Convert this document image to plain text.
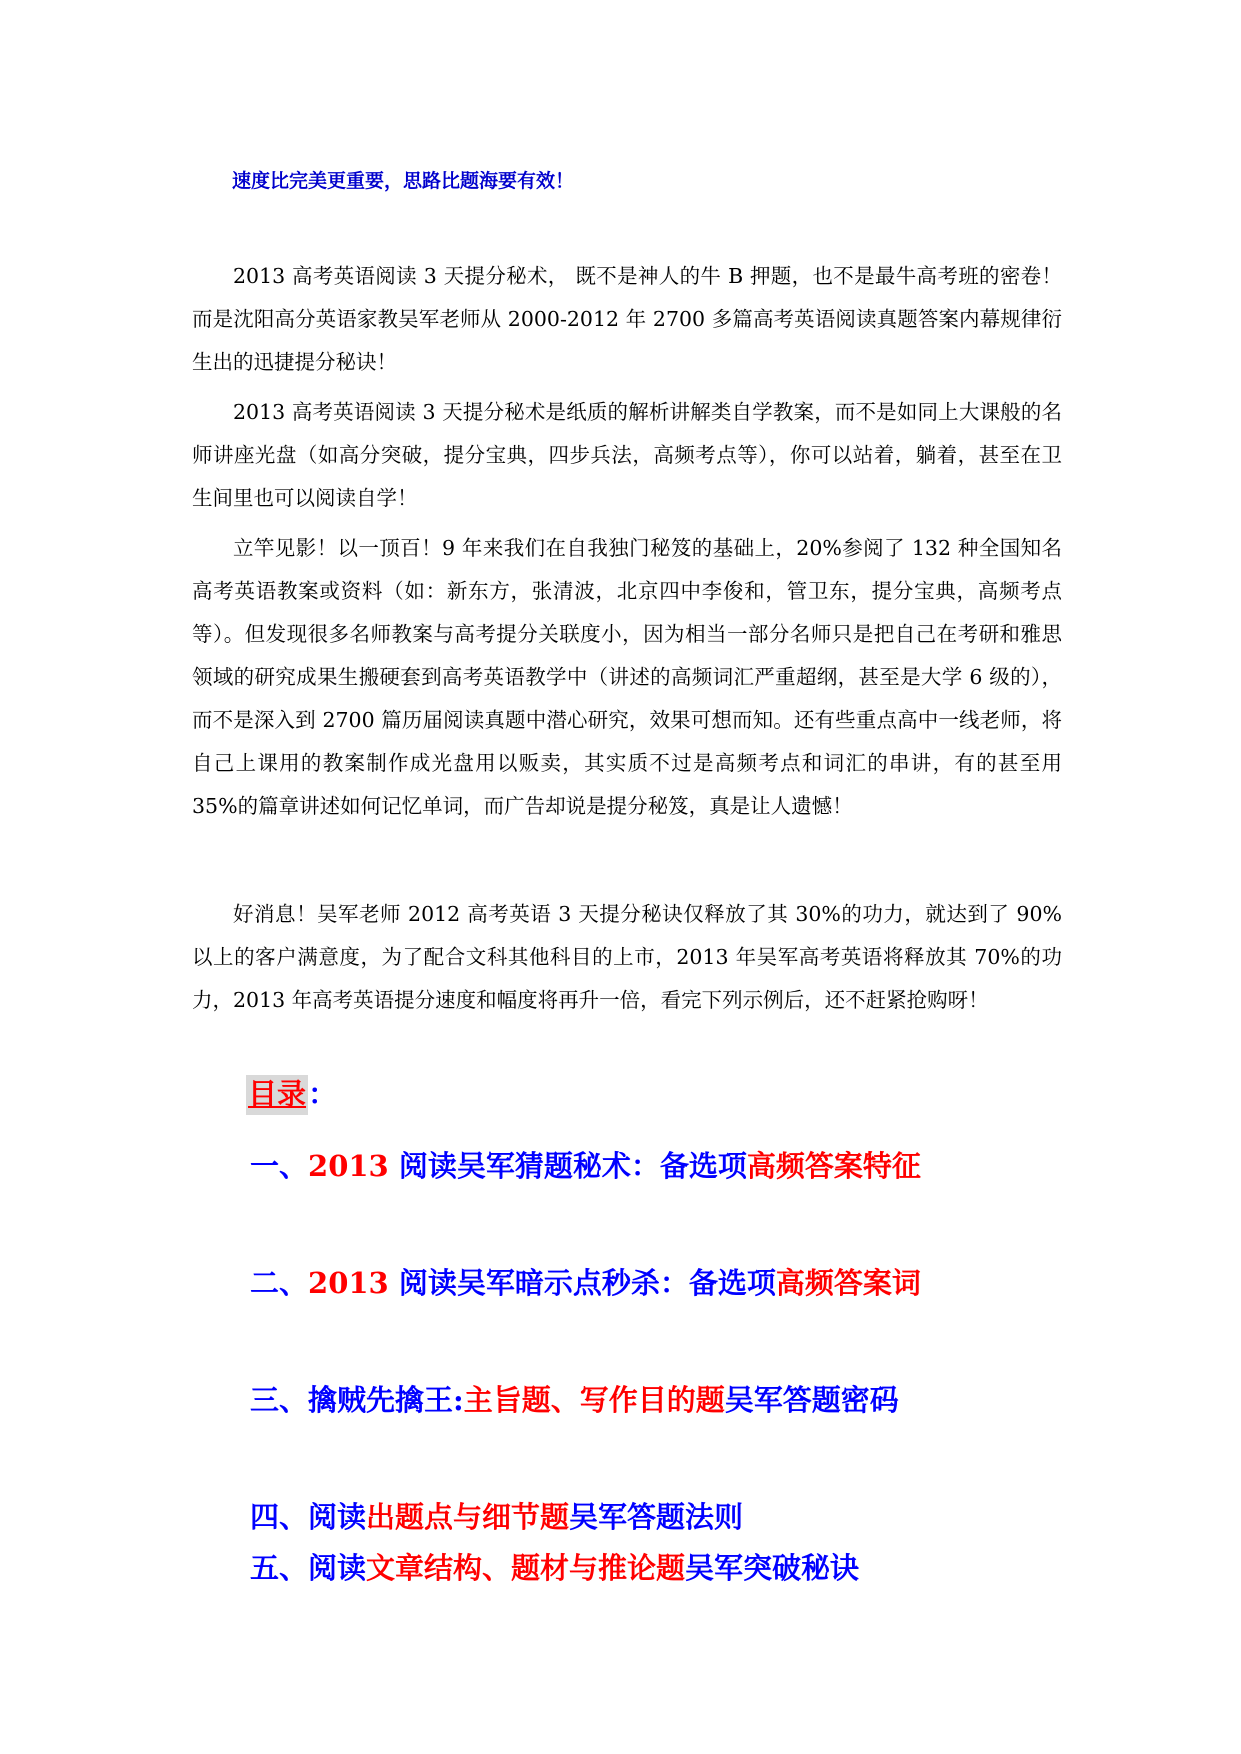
速度比完美更重要，思路比题海要有效！

2013 高考英语阅读 3 天提分秘术， 既不是神人的牛 B 押题，也不是最牛高考班的密卷！而是沈阳高分英语家教吴军老师从 2000-2012 年 2700 多篇高考英语阅读真题答案内幕规律衍生出的迅捷提分秘诀！

2013 高考英语阅读 3 天提分秘术是纸质的解析讲解类自学教案，而不是如同上大课般的名师讲座光盘（如高分突破，提分宝典，四步兵法，高频考点等），你可以站着，躺着，甚至在卫生间里也可以阅读自学！

立竿见影！以一顶百！9 年来我们在自我独门秘笈的基础上，20%参阅了 132 种全国知名高考英语教案或资料（如：新东方，张清波，北京四中李俊和，管卫东，提分宝典，高频考点等）。但发现很多名师教案与高考提分关联度小，因为相当一部分名师只是把自己在考研和雅思领域的研究成果生搬硬套到高考英语教学中（讲述的高频词汇严重超纲，甚至是大学 6 级的），而不是深入到 2700 篇历届阅读真题中潜心研究，效果可想而知。还有些重点高中一线老师，将自己上课用的教案制作成光盘用以贩卖，其实质不过是高频考点和词汇的串讲，有的甚至用 35%的篇章讲述如何记忆单词，而广告却说是提分秘笈，真是让人遗憾！

好消息！吴军老师 2012 高考英语 3 天提分秘诀仅释放了其 30%的功力，就达到了 90%以上的客户满意度，为了配合文科其他科目的上市，2013 年吴军高考英语将释放其 70%的功力，2013 年高考英语提分速度和幅度将再升一倍，看完下列示例后，还不赶紧抢购呀！

目录：
一、2013 阅读吴军猜题秘术：备选项高频答案特征
二、2013 阅读吴军暗示点秒杀：备选项高频答案词
三、擒贼先擒王:主旨题、写作目的题吴军答题密码
四、阅读出题点与细节题吴军答题法则
五、阅读文章结构、题材与推论题吴军突破秘诀
